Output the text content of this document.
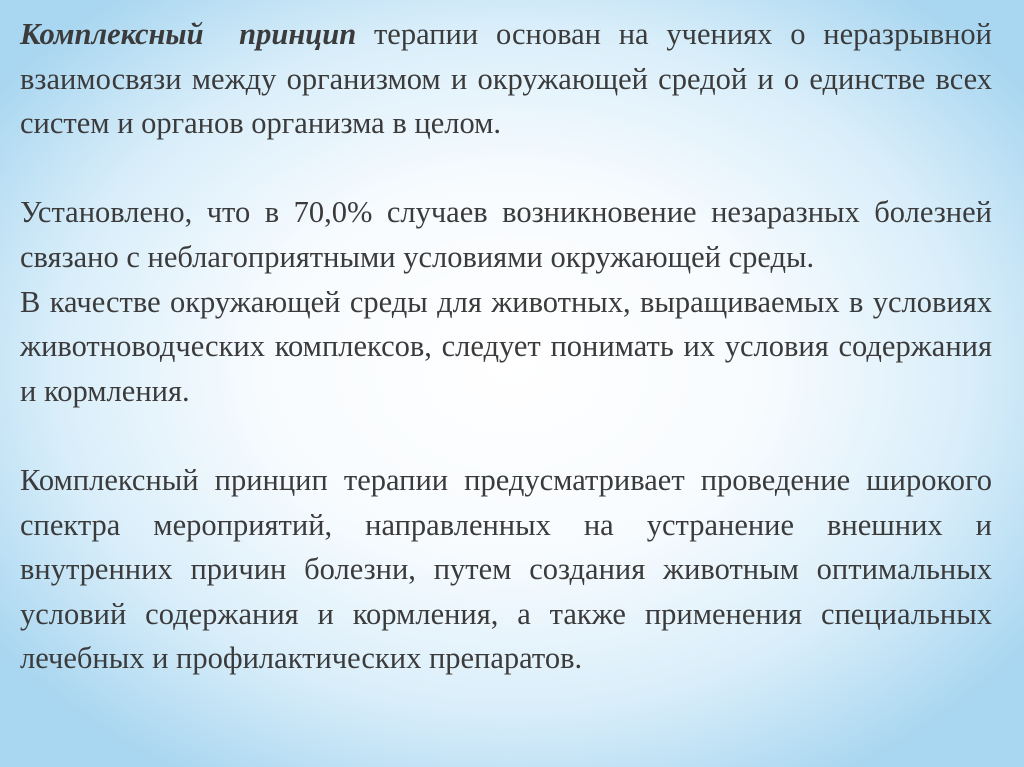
Комплексный принцип терапии основан на учениях о неразрывной взаимосвязи между организмом и окружающей средой и о единстве всех систем и органов организма в целом.

Установлено, что в 70,0% случаев возникновение незаразных болезней связано с неблагоприятными условиями окружающей среды.

В качестве окружающей среды для животных, выращиваемых в условиях животноводческих комплексов, следует понимать их условия содержания и кормления.

Комплексный принцип терапии предусматривает проведение широкого спектра мероприятий, направленных на устранение внешних и внутренних причин болезни, путем создания животным оптимальных условий содержания и кормления, а также применения специальных лечебных и профилактических препаратов.
